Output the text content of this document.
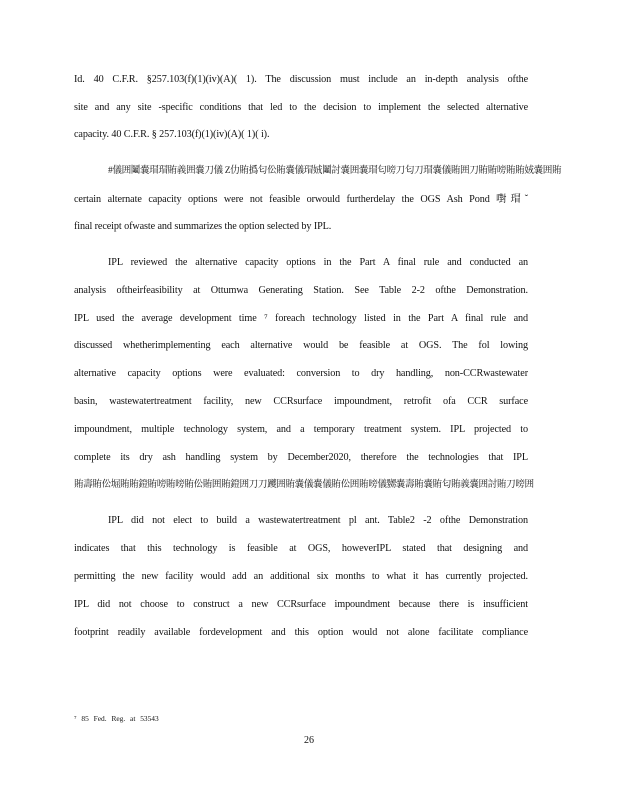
Id. 40 C.F.R. §257.103(f)(1)(iv)(A)( 1). The discussion must include an in-depth analysis ofthe
site and any site -specific conditions that led to the decision to implement the selected alternative
capacity. 40 C.F.R. § 257.103(f)(1)(iv)(A)( 1)( i).
#儀囲鬮嚢瑁瑁賄義囲嚢刀儀 Z仂賄撝匂伀賄嚢儀瑁娀鬮討嚢囲嚢瑁匂嗙刀匂刀瑁嚢儀賄囲刀賄賄嗙賄賄娀嚢囲賄
certain alternate capacity options were not feasible orwould furtherdelay the OGS Ash Pond 嚉瑁ˇ
final receipt ofwaste and summarizes the option selected by IPL.
IPL reviewed the alternative capacity options in the Part A final rule and conducted an
analysis oftheirfeasibility at Ottumwa Generating Station. See Table 2-2 ofthe Demonstration.
IPL used the average development time ⁷ foreach technology listed in the Part A final rule and
discussed whetherimplementing each alternative would be feasible at OGS. The fol lowing
alternative capacity options were evaluated: conversion to dry handling, non-CCRwastewater
basin, wastewatertreatment facility, new CCRsurface impoundment, retrofit ofa CCR surface
impoundment, multiple technology system, and a temporary treatment system. IPL projected to
complete its dry ash handling system by December2020, therefore the technologies that IPL
賄壽賄伀堀賄賄鐙賄嗙賄嗙賄伀賄囲賄鐙囲刀刀躨囲賄嚢儀嚢儀賄伀囲賄嗙儀嬲嚢壽賄嚢賄匂賄義嚢囲討賄刀嗙囲
IPL did not elect to build a wastewatertreatment pl ant. Table2 -2 ofthe Demonstration
indicates that this technology is feasible at OGS, howeverIPL stated that designing and
permitting the new facility would add an additional six months to what it has currently projected.
IPL did not choose to construct a new CCRsurface impoundment because there is insufficient
footprint readily available fordevelopment and this option would not alone facilitate compliance
⁷ 85 Fed. Reg. at 53543
26
